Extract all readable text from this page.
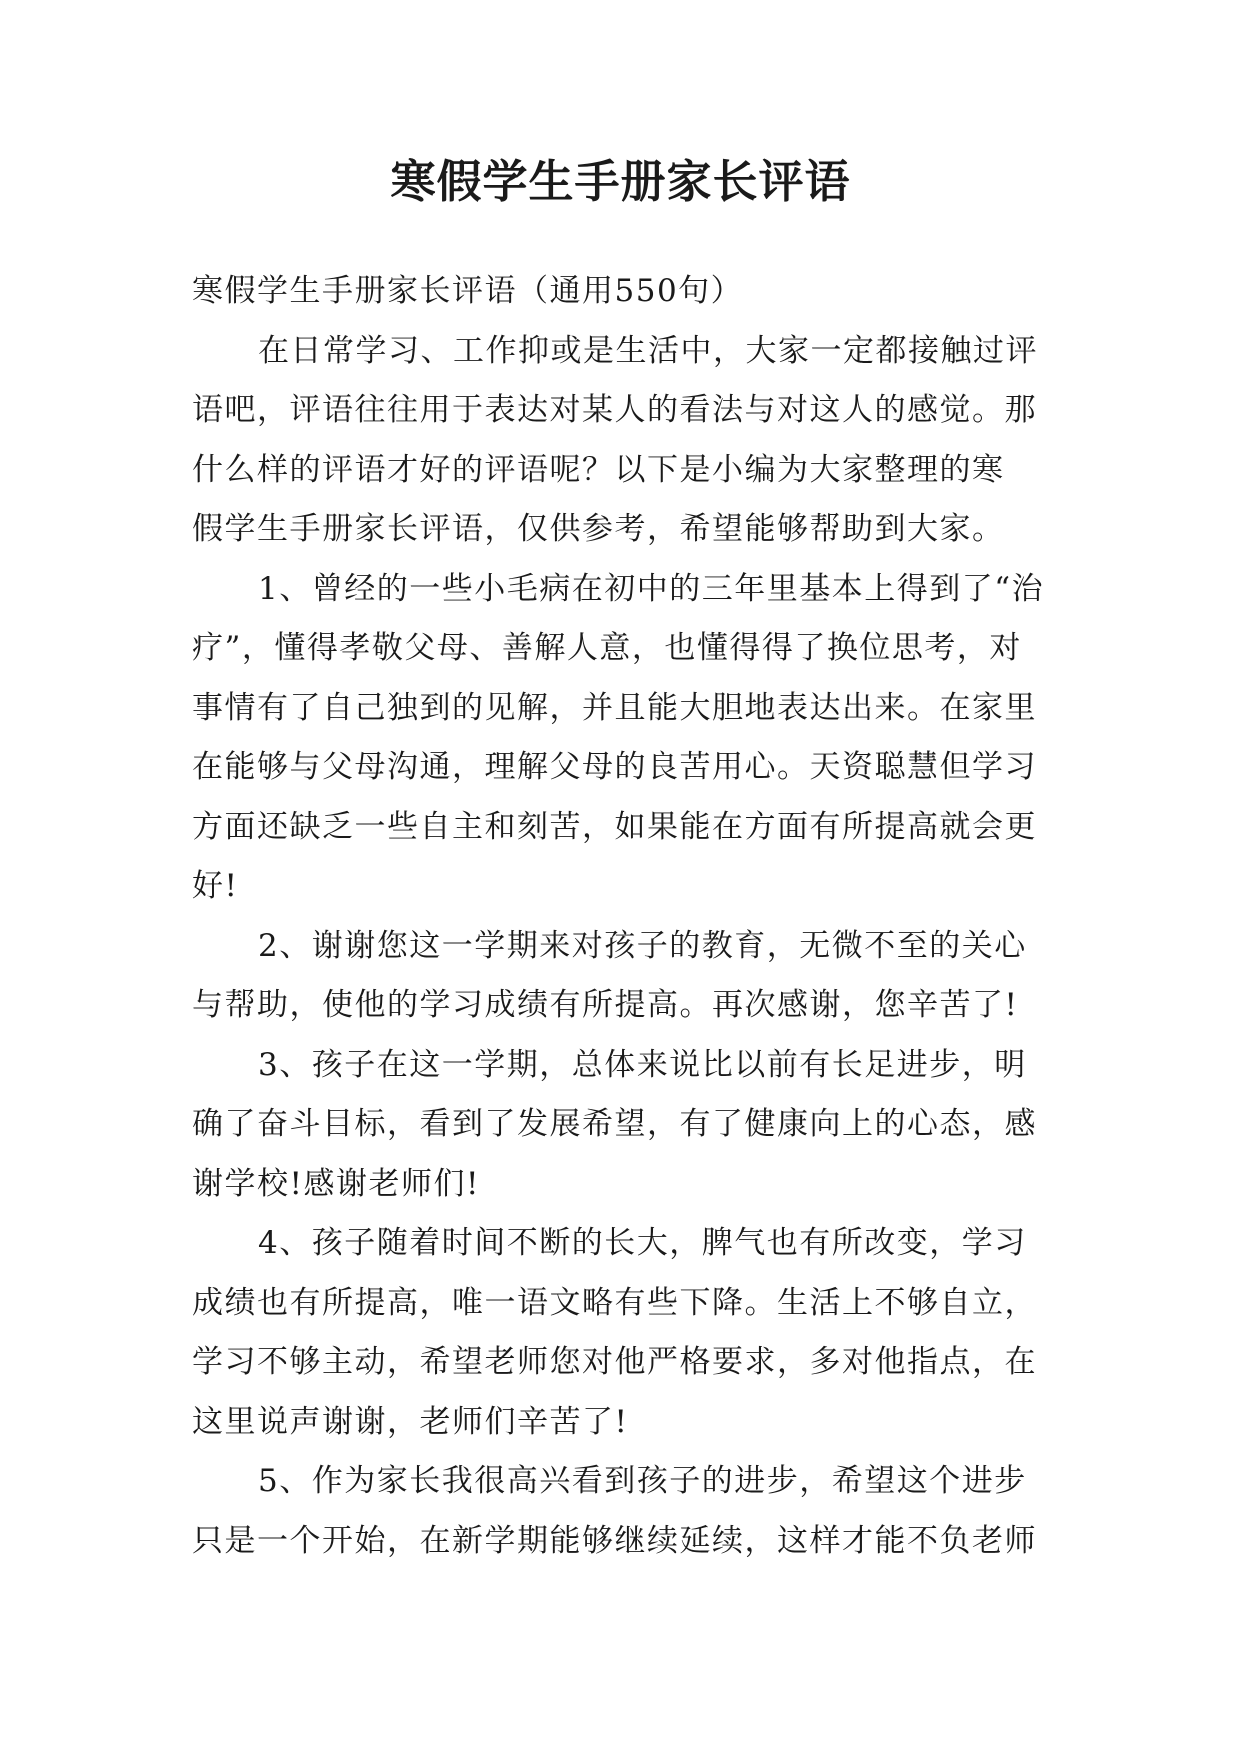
寒假学生手册家长评语
寒假学生手册家长评语（通用550句）
在日常学习、工作抑或是生活中，大家一定都接触过评
语吧，评语往往用于表达对某人的看法与对这人的感觉。那
什么样的评语才好的评语呢？以下是小编为大家整理的寒
假学生手册家长评语，仅供参考，希望能够帮助到大家。
1、曾经的一些小毛病在初中的三年里基本上得到了“治
疗”，懂得孝敬父母、善解人意，也懂得得了换位思考，对
事情有了自己独到的见解，并且能大胆地表达出来。在家里
在能够与父母沟通，理解父母的良苦用心。天资聪慧但学习
方面还缺乏一些自主和刻苦，如果能在方面有所提高就会更
好!
2、谢谢您这一学期来对孩子的教育，无微不至的关心
与帮助，使他的学习成绩有所提高。再次感谢，您辛苦了!
3、孩子在这一学期，总体来说比以前有长足进步，明
确了奋斗目标，看到了发展希望，有了健康向上的心态，感
谢学校!感谢老师们!
4、孩子随着时间不断的长大，脾气也有所改变，学习
成绩也有所提高，唯一语文略有些下降。生活上不够自立，
学习不够主动，希望老师您对他严格要求，多对他指点，在
这里说声谢谢，老师们辛苦了!
5、作为家长我很高兴看到孩子的进步，希望这个进步
只是一个开始，在新学期能够继续延续，这样才能不负老师
